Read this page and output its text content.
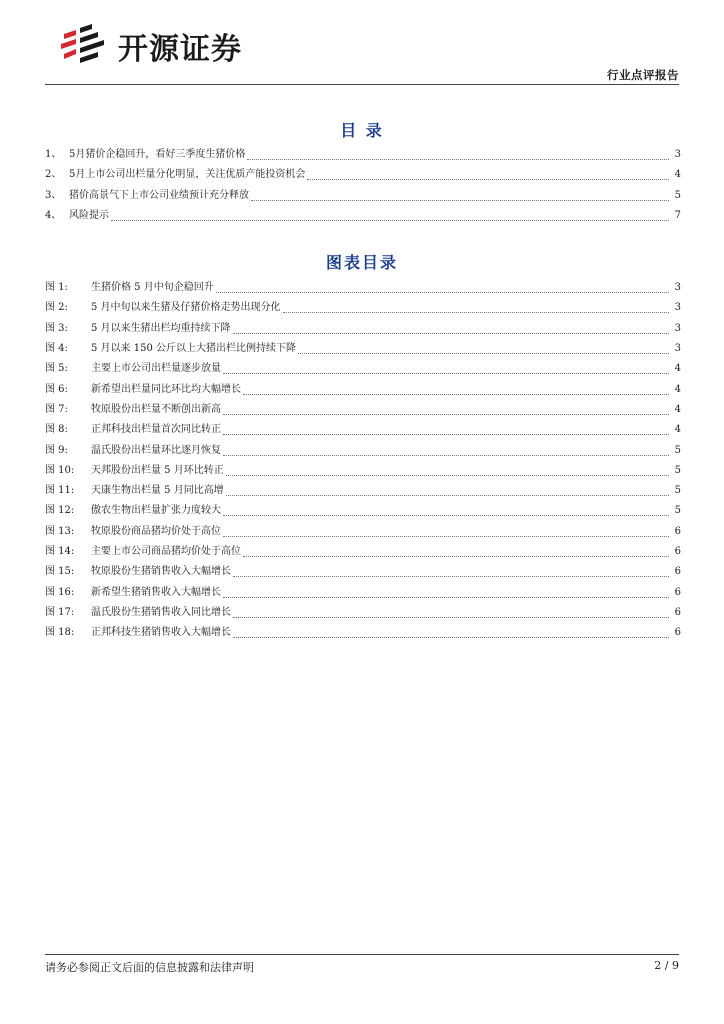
开源证券
行业点评报告
目 录
1、 5月猪价企稳回升，看好三季度生猪价格	3
2、 5月上市公司出栏量分化明显，关注优质产能投资机会	4
3、 猪价高景气下上市公司业绩预计充分释放	5
4、 风险提示	7
图表目录
图 1:	生猪价格 5 月中旬企稳回升	3
图 2:	5 月中旬以来生猪及仔猪价格走势出现分化	3
图 3:	5 月以来生猪出栏均重持续下降	3
图 4:	5 月以来 150 公斤以上大猪出栏比例持续下降	3
图 5:	主要上市公司出栏量逐步放量	4
图 6:	新希望出栏量同比环比均大幅增长	4
图 7:	牧原股份出栏量不断创出新高	4
图 8:	正邦科技出栏量首次同比转正	4
图 9:	温氏股份出栏量环比逐月恢复	5
图 10:	天邦股份出栏量 5 月环比转正	5
图 11:	天康生物出栏量 5 月同比高增	5
图 12:	傲农生物出栏量扩张力度较大	5
图 13:	牧原股份商品猪均价处于高位	6
图 14:	主要上市公司商品猪均价处于高位	6
图 15:	牧原股份生猪销售收入大幅增长	6
图 16:	新希望生猪销售收入大幅增长	6
图 17:	温氏股份生猪销售收入同比增长	6
图 18:	正邦科技生猪销售收入大幅增长	6
请务必参阅正文后面的信息披露和法律声明	2 / 9
